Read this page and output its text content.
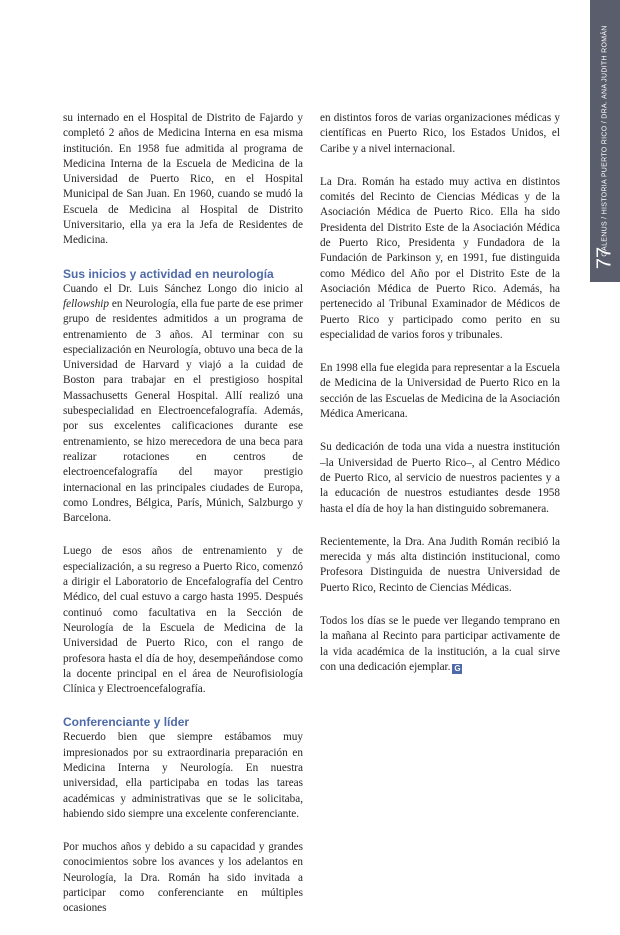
su internado en el Hospital de Distrito de Fajardo y completó 2 años de Medicina Interna en esa misma institución. En 1958 fue admitida al programa de Medicina Interna de la Escuela de Medicina de la Universidad de Puerto Rico, en el Hospital Municipal de San Juan. En 1960, cuando se mudó la Escuela de Medicina al Hospital de Distrito Universitario, ella ya era la Jefa de Residentes de Medicina.

Sus inicios y actividad en neurología

Cuando el Dr. Luis Sánchez Longo dio inicio al fellowship en Neurología, ella fue parte de ese primer grupo de residentes admitidos a un programa de entrenamiento de 3 años. Al terminar con su especialización en Neurología, obtuvo una beca de la Universidad de Harvard y viajó a la cuidad de Boston para trabajar en el prestigioso hospital Massachusetts General Hospital. Allí realizó una subespecialidad en Electroencefalografía. Además, por sus excelentes calificaciones durante ese entrenamiento, se hizo merecedora de una beca para realizar rotaciones en centros de electroencefalografía del mayor prestigio internacional en las principales ciudades de Europa, como Londres, Bélgica, París, Múnich, Salzburgo y Barcelona.

Luego de esos años de entrenamiento y de especialización, a su regreso a Puerto Rico, comenzó a dirigir el Laboratorio de Encefalografía del Centro Médico, del cual estuvo a cargo hasta 1995. Después continuó como facultativa en la Sección de Neurología de la Escuela de Medicina de la Universidad de Puerto Rico, con el rango de profesora hasta el día de hoy, desempeñándose como la docente principal en el área de Neurofisiología Clínica y Electroencefalografía.

Conferenciante y líder

Recuerdo bien que siempre estábamos muy impresionados por su extraordinaria preparación en Medicina Interna y Neurología. En nuestra universidad, ella participaba en todas las tareas académicas y administrativas que se le solicitaba, habiendo sido siempre una excelente conferenciante.

Por muchos años y debido a su capacidad y grandes conocimientos sobre los avances y los adelantos en Neurología, la Dra. Román ha sido invitada a participar como conferenciante en múltiples ocasiones

en distintos foros de varias organizaciones médicas y científicas en Puerto Rico, los Estados Unidos, el Caribe y a nivel internacional.

La Dra. Román ha estado muy activa en distintos comités del Recinto de Ciencias Médicas y de la Asociación Médica de Puerto Rico. Ella ha sido Presidenta del Distrito Este de la Asociación Médica de Puerto Rico, Presidenta y Fundadora de la Fundación de Parkinson y, en 1991, fue distinguida como Médico del Año por el Distrito Este de la Asociación Médica de Puerto Rico. Además, ha pertenecido al Tribunal Examinador de Médicos de Puerto Rico y participado como perito en su especialidad de varios foros y tribunales.

En 1998 ella fue elegida para representar a la Escuela de Medicina de la Universidad de Puerto Rico en la sección de las Escuelas de Medicina de la Asociación Médica Americana.

Su dedicación de toda una vida a nuestra institución –la Universidad de Puerto Rico–, al Centro Médico de Puerto Rico, al servicio de nuestros pacientes y a la educación de nuestros estudiantes desde 1958 hasta el día de hoy la han distinguido sobremanera.

Recientemente, la Dra. Ana Judith Román recibió la merecida y más alta distinción institucional, como Profesora Distinguida de nuestra Universidad de Puerto Rico, Recinto de Ciencias Médicas.

Todos los días se le puede ver llegando temprano en la mañana al Recinto para participar activamente de la vida académica de la institución, a la cual sirve con una dedicación ejemplar. G

GALENUS / HISTORIA PUERTO RICO / DRA. ANA JUDITH ROMÁN
77
